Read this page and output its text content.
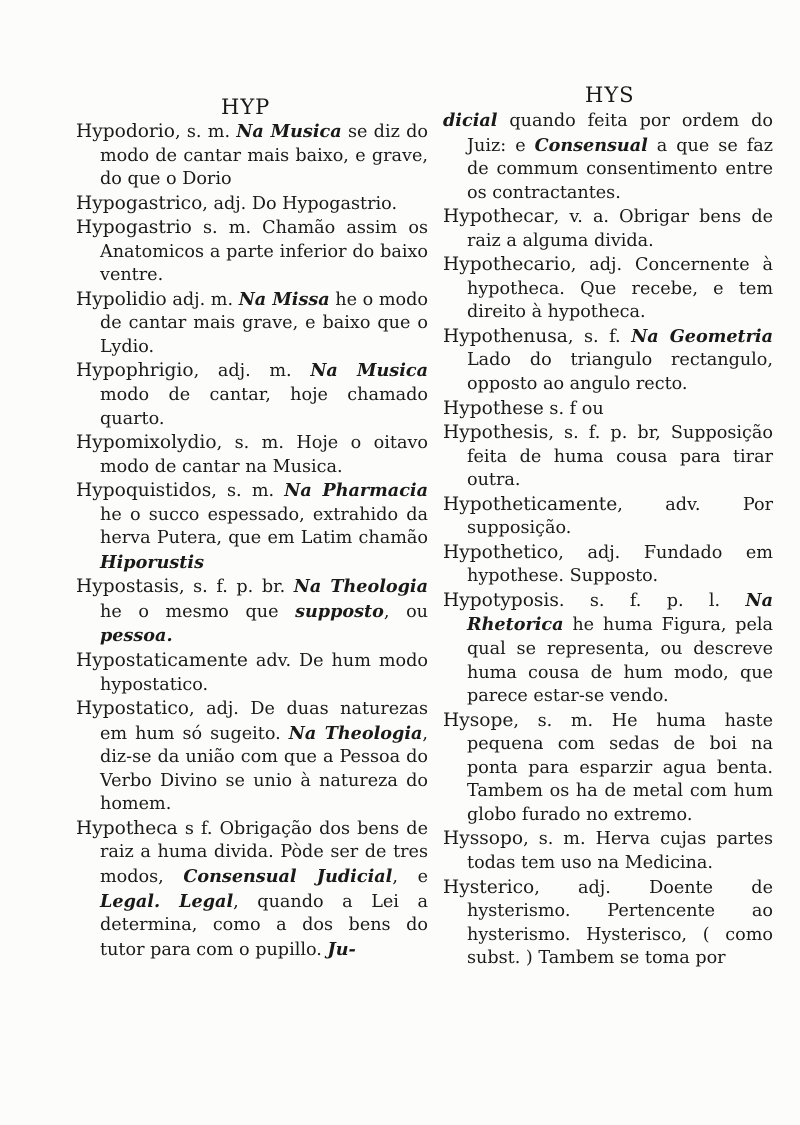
HYP

Hypodorio, s. m. Na Musica se diz do modo de cantar mais baixo, e grave, do que o Dorio

Hypogastrico, adj. Do Hypogastrio.

Hypogastrio s. m. Chamão assim os Anatomicos a parte inferior do baixo ventre.

Hypolidio adj. m. Na Missa he o modo de cantar mais grave, e baixo que o Lydio.

Hypophrigio, adj. m. Na Musica modo de cantar, hoje chamado quarto.

Hypomixolydio, s. m. Hoje o oitavo modo de cantar na Musica.

Hypoquistidos, s. m. Na Pharmacia he o succo espessado, extrahido da herva Putera, que em Latim chamão Hiporustis

Hypostasis, s. f. p. br. Na Theologia he o mesmo que supposto, ou pessoa.

Hypostaticamente adv. De hum modo hypostatico.

Hypostatico, adj. De duas naturezas em hum só sugeito. Na Theologia, diz-se da união com que a Pessoa do Verbo Divino se unio à natureza do homem.

Hypotheca s f. Obrigação dos bens de raiz a huma divida. Pòde ser de tres modos, Consensual Judicial, e Legal. Legal, quando a Lei a determina, como a dos bens do tutor para com o pupillo. Ju-

HYS

dicial quando feita por ordem do Juiz: e Consensual a que se faz de commum consentimento entre os contractantes.

Hypothecar, v. a. Obrigar bens de raiz a alguma divida.

Hypothecario, adj. Concernente à hypotheca. Que recebe, e tem direito à hypotheca.

Hypothenusa, s. f. Na Geometria Lado do triangulo rectangulo, opposto ao angulo recto.

Hypothese s. f ou

Hypothesis, s. f. p. br, Supposição feita de huma cousa para tirar outra.

Hypotheticamente, adv. Por supposição.

Hypothetico, adj. Fundado em hypothese. Supposto.

Hypotyposis. s. f. p. l. Na Rhetorica he huma Figura, pela qual se representa, ou descreve huma cousa de hum modo, que parece estar-se vendo.

Hysope, s. m. He huma haste pequena com sedas de boi na ponta para esparzir agua benta. Tambem os ha de metal com hum globo furado no extremo.

Hyssopo, s. m. Herva cujas partes todas tem uso na Medicina.

Hysterico, adj. Doente de hysterismo. Pertencente ao hysterismo. Hysterisco, ( como subst. ) Tambem se toma por
